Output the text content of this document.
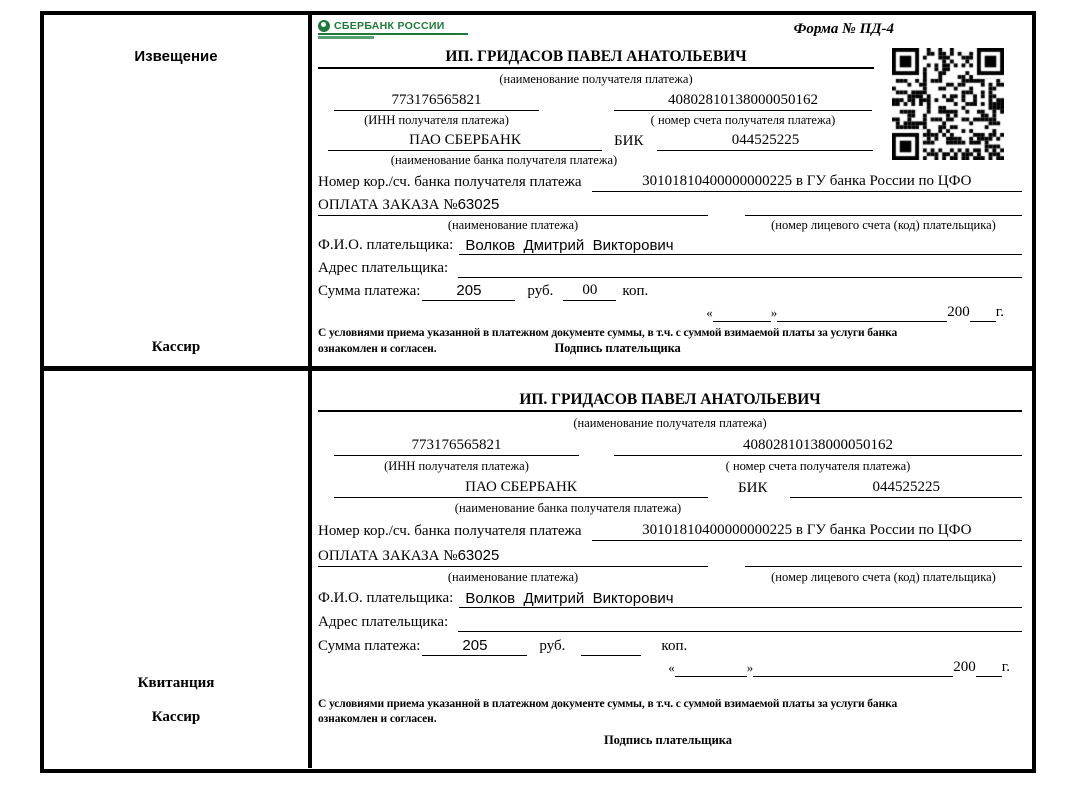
Извещение
Кассир
СБЕРБАНК РОССИИ	Форма № ПД-4
ИП. ГРИДАСОВ ПАВЕЛ АНАТОЛЬЕВИЧ
(наименование получателя платежа)
773176565821	40802810138000050162
(ИНН получателя платежа)	( номер счета получателя платежа)
ПАО СБЕРБАНК	БИК	044525225
(наименование банка получателя платежа)
Номер кор./сч. банка получателя платежа	30101810400000000225 в ГУ банка России по ЦФО
ОПЛАТА ЗАКАЗА №63025
(наименование платежа)	(номер лицевого счета (код) плательщика)
Ф.И.О. плательщика: Волков  Дмитрий  Викторович
Адрес плательщика:
Сумма платежа:	205	руб.	00	коп.
«	»	200 г.
С условиями приема указанной в платежном документе суммы, в т.ч. с суммой взимаемой платы за услуги банка
ознакомлен и согласен.	Подпись плательщика
Квитанция
Кассир
ИП. ГРИДАСОВ ПАВЕЛ АНАТОЛЬЕВИЧ
(наименование получателя платежа)
773176565821	40802810138000050162
(ИНН получателя платежа)	( номер счета получателя платежа)
ПАО СБЕРБАНК	БИК	044525225
(наименование банка получателя платежа)
Номер кор./сч. банка получателя платежа	30101810400000000225 в ГУ банка России по ЦФО
ОПЛАТА ЗАКАЗА №63025
(наименование платежа)	(номер лицевого счета (код) плательщика)
Ф.И.О. плательщика: Волков  Дмитрий  Викторович
Адрес плательщика:
Сумма платежа:	205	руб.	коп.
«	»	200 г.
С условиями приема указанной в платежном документе суммы, в т.ч. с суммой взимаемой платы за услуги банка
ознакомлен и согласен.
Подпись плательщика
